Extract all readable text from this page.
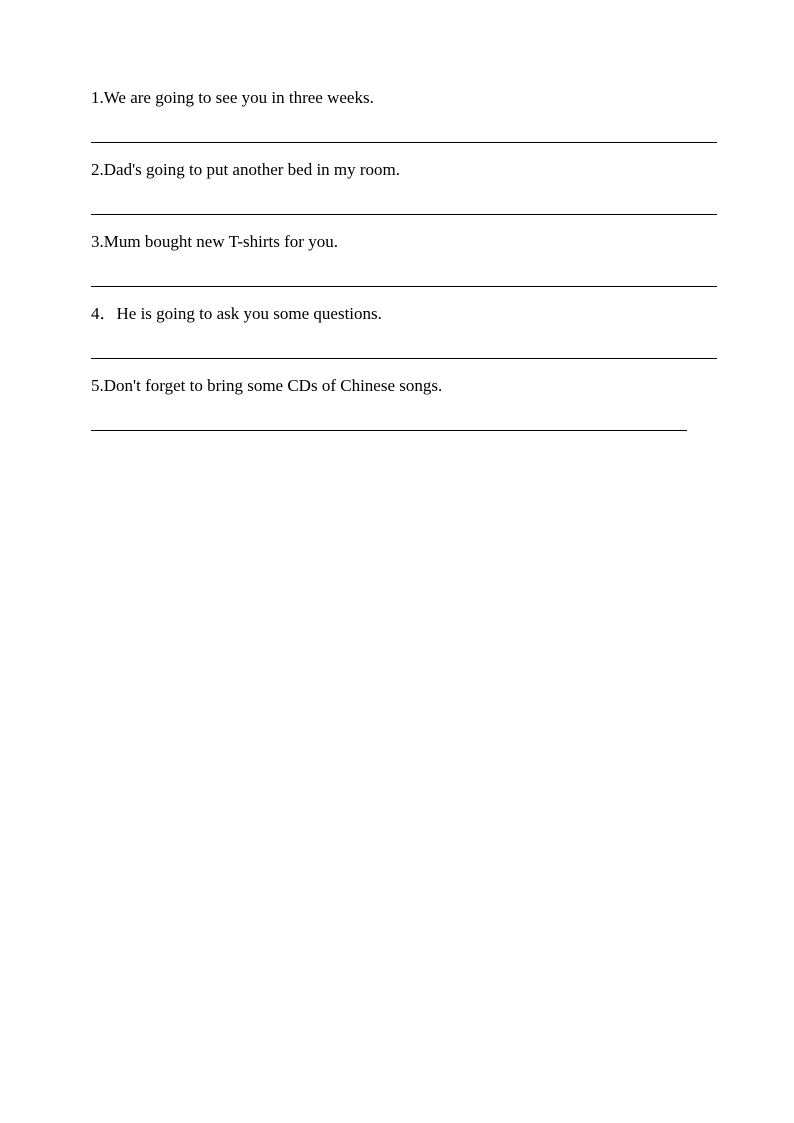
1.We are going to see you in three weeks.
2.Dad's going to put another bed in my room.
3.Mum bought new T-shirts for you.
4．He is going to ask you some questions.
5.Don't forget to bring some CDs of Chinese songs.
